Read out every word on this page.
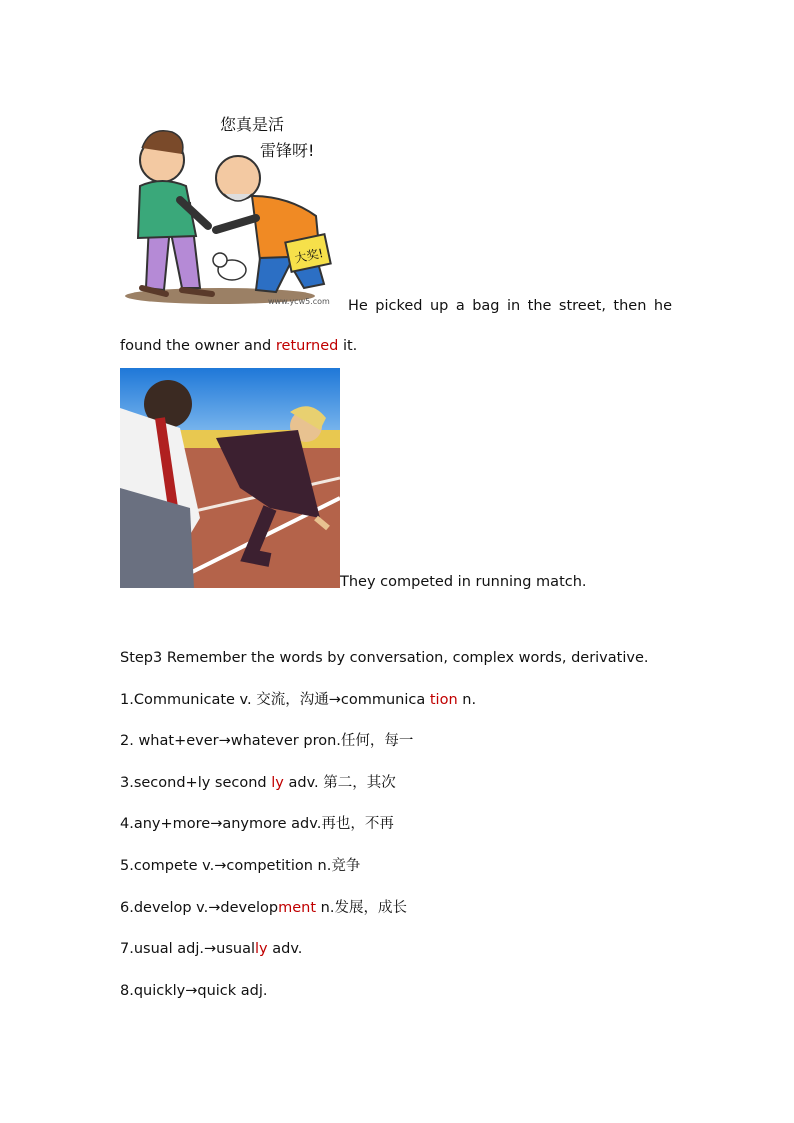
大奖!
您真是活
雷锋呀!
www.ycw5.com He picked up a bag in the street, then he
found the owner and returned it.
They competed in running match.
Step3 Remember the words by conversation, complex words, derivative.
1.Communicate v. 交流，沟通→communica tion n.
2. what+ever→whatever pron.任何，每一
3.second+ly second ly adv. 第二，其次
4.any+more→anymore adv.再也，不再
5.compete v.→competition n.竞争
6.develop v.→development n.发展，成长
7.usual adj.→usually adv.
8.quickly→quick adj.
